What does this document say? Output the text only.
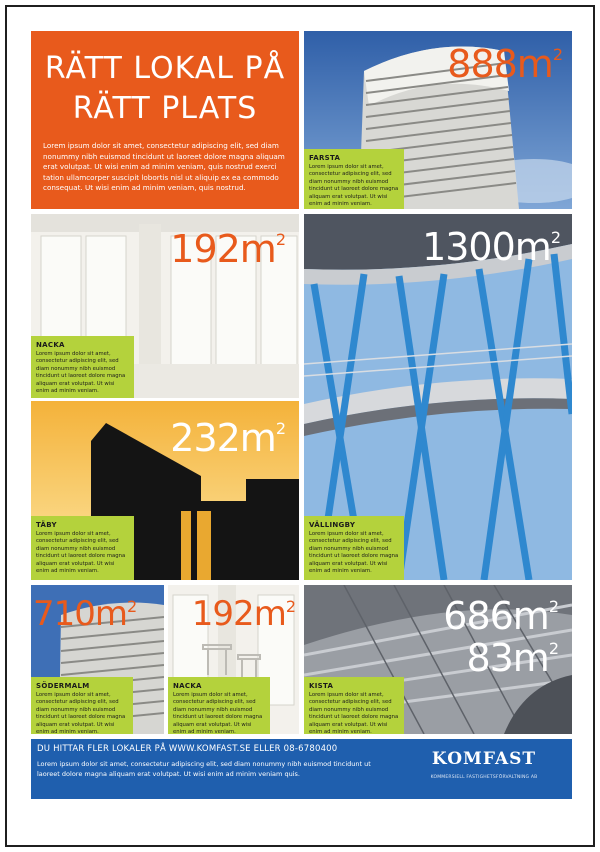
RÄTT LOKAL PÅ
RÄTT PLATS
Lorem ipsum dolor sit amet, consectetur adipiscing elit, sed diam nonummy nibh euismod tincidunt ut laoreet dolore magna aliquam erat volutpat. Ut wisi enim ad minim veniam, quis nostrud exerci tation ullamcorper suscipit lobortis nisl ut aliquip ex ea commodo consequat. Ut wisi enim ad minim veniam, quis nostrud.
$888m^2$
FARSTA
Lorem ipsum dolor sit amet, consectetur adipiscing elit, sed diam nonummy nibh euismod tincidunt ut laoreet dolore magna aliquam erat volutpat. Ut wisi enim ad minim veniam.
$192m^2$
NACKA
Lorem ipsum dolor sit amet, consectetur adipiscing elit, sed diam nonummy nibh euismod tincidunt ut laoreet dolore magna aliquam erat volutpat. Ut wisi enim ad minim veniam.
$1300m^2$
VÄLLINGBY
Lorem ipsum dolor sit amet, consectetur adipiscing elit, sed diam nonummy nibh euismod tincidunt ut laoreet dolore magna aliquam erat volutpat. Ut wisi enim ad minim veniam.
$232m^2$
TÄBY
Lorem ipsum dolor sit amet, consectetur adipiscing elit, sed diam nonummy nibh euismod tincidunt ut laoreet dolore magna aliquam erat volutpat. Ut wisi enim ad minim veniam.
$710m^2$
SÖDERMALM
Lorem ipsum dolor sit amet, consectetur adipiscing elit, sed diam nonummy nibh euismod tincidunt ut laoreet dolore magna aliquam erat volutpat. Ut wisi enim ad minim veniam.
$192m^2$
NACKA
Lorem ipsum dolor sit amet, consectetur adipiscing elit, sed diam nonummy nibh euismod tincidunt ut laoreet dolore magna aliquam erat volutpat. Ut wisi enim ad minim veniam.
$686m^2$
$83m^2$
KISTA
Lorem ipsum dolor sit amet, consectetur adipiscing elit, sed diam nonummy nibh euismod tincidunt ut laoreet dolore magna aliquam erat volutpat. Ut wisi enim ad minim veniam.
DU HITTAR FLER LOKALER PÅ WWW.KOMFAST.SE ELLER 08-6780400
Lorem ipsum dolor sit amet, consectetur adipiscing elit, sed diam nonummy nibh euismod tincidunt ut laoreet dolore magna aliquam erat volutpat. Ut wisi enim ad minim veniam quis.
KOMFAST
KOMMERSIELL FASTIGHETSFÖRVALTNING AB
